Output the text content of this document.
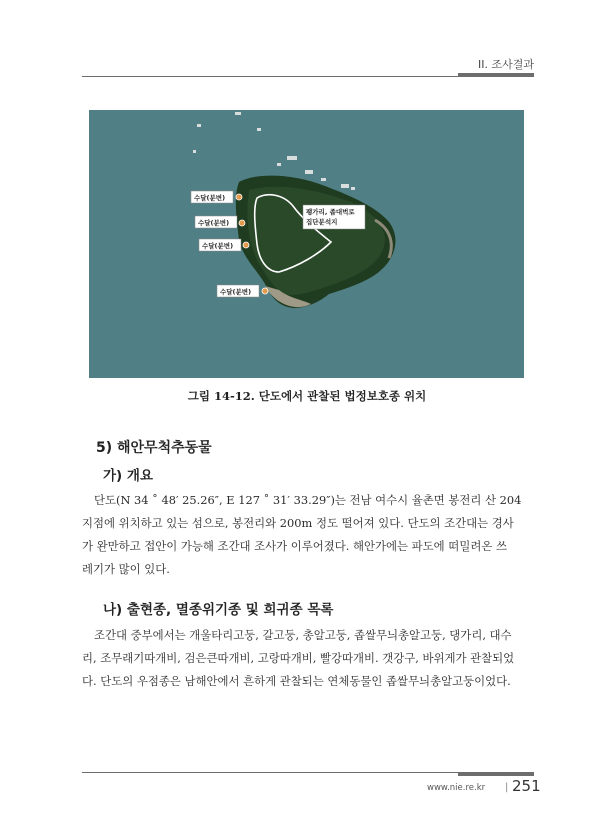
II. 조사결과
수달(분변)
수달(분변)
수달(분변)
수달(분변)
팽가리, 좁대벅로
집단분석지
그림 14-12. 단도에서 관찰된 법정보호종 위치
5) 해안무척추동물
가) 개요
단도(N 34 ˚ 48′ 25.26″, E 127 ˚ 31′ 33.29″)는 전남 여수시 율촌면 봉전리 산 204
지점에 위치하고 있는 섬으로, 봉전리와 200m 정도 떨어져 있다. 단도의 조간대는 경사
가 완만하고 접안이 가능해 조간대 조사가 이루어졌다. 해안가에는 파도에 떠밀려온 쓰
레기가 많이 있다.
나) 출현종, 멸종위기종 및 희귀종 목록
조간대 중부에서는 개울타리고둥, 갈고둥, 총알고둥, 좁쌀무늬총알고둥, 댕가리, 대수
리, 조무래기따개비, 검은큰따개비, 고랑따개비, 빨강따개비. 갯강구, 바위게가 관찰되었
다. 단도의 우점종은 남해안에서 흔하게 관찰되는 연체동물인 좁쌀무늬총알고둥이었다.
www.nie.re.kr | 251
